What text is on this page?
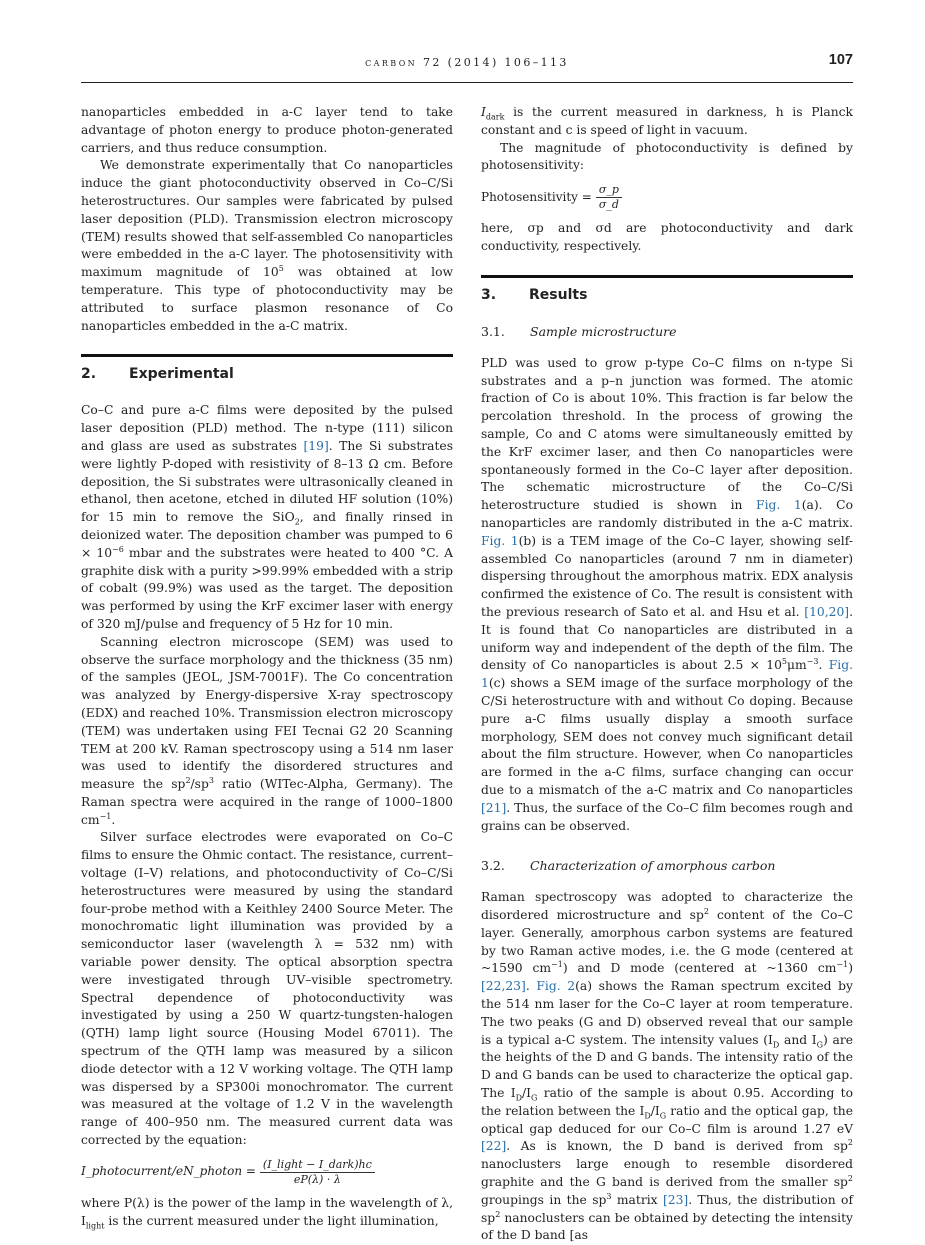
carbon 72 (2014) 106–113	107

nanoparticles embedded in a-C layer tend to take advantage of photon energy to produce photon-generated carriers, and thus reduce consumption.

We demonstrate experimentally that Co nanoparticles induce the giant photoconductivity observed in Co–C/Si heterostructures. Our samples were fabricated by pulsed laser deposition (PLD). Transmission electron microscopy (TEM) results showed that self-assembled Co nanoparticles were embedded in the a-C layer. The photosensitivity with maximum magnitude of $10^5$ was obtained at low temperature. This type of photoconductivity may be attributed to surface plasmon resonance of Co nanoparticles embedded in the a-C matrix.

2. Experimental

Co–C and pure a-C films were deposited by the pulsed laser deposition (PLD) method. The n-type (111) silicon and glass are used as substrates [19]. The Si substrates were lightly P-doped with resistivity of 8–13 Ω cm. Before deposition, the Si substrates were ultrasonically cleaned in ethanol, then acetone, etched in diluted HF solution (10%) for 15 min to remove the SiO$_2$, and finally rinsed in deionized water. The deposition chamber was pumped to $6 \times 10^{-6}$ mbar and the substrates were heated to 400 °C. A graphite disk with a purity >99.99% embedded with a strip of cobalt (99.9%) was used as the target. The deposition was performed by using the KrF excimer laser with energy of 320 mJ/pulse and frequency of 5 Hz for 10 min.

Scanning electron microscope (SEM) was used to observe the surface morphology and the thickness (35 nm) of the samples (JEOL, JSM-7001F). The Co concentration was analyzed by Energy-dispersive X-ray spectroscopy (EDX) and reached 10%. Transmission electron microscopy (TEM) was undertaken using FEI Tecnai G2 20 Scanning TEM at 200 kV. Raman spectroscopy using a 514 nm laser was used to identify the disordered structures and measure the $sp^2/sp^3$ ratio (WITec-Alpha, Germany). The Raman spectra were acquired in the range of 1000–1800 $cm^{-1}$.

Silver surface electrodes were evaporated on Co–C films to ensure the Ohmic contact. The resistance, current–voltage (I–V) relations, and photoconductivity of Co–C/Si heterostructures were measured by using the standard four-probe method with a Keithley 2400 Source Meter. The monochromatic light illumination was provided by a semiconductor laser (wavelength λ = 532 nm) with variable power density. The optical absorption spectra were investigated through UV–visible spectrometry. Spectral dependence of photoconductivity was investigated by using a 250 W quartz-tungsten-halogen (QTH) lamp light source (Housing Model 67011). The spectrum of the QTH lamp was measured by a silicon diode detector with a 12 V working voltage. The QTH lamp was dispersed by a SP300i monochromator. The current was measured at the voltage of 1.2 V in the wavelength range of 400–950 nm. The measured current data was corrected by the equation:

I_photocurrent/eN_photon = $\frac{\text{(I\_light − I\_dark)hc}}{eP(\lambda) \cdot \lambda}$

where P(λ) is the power of the lamp in the wavelength of λ, $I_{light}$ is the current measured under the light illumination,

$I_{dark}$ is the current measured in darkness, h is Planck constant and c is speed of light in vacuum.

The magnitude of photoconductivity is defined by photosensitivity:

Photosensitivity = $\frac{\sigma\_p}{\sigma\_d}$

here, σp and σd are photoconductivity and dark conductivity, respectively.

3. Results
3.1. Sample microstructure

PLD was used to grow p-type Co–C films on n-type Si substrates and a p–n junction was formed. The atomic fraction of Co is about 10%. This fraction is far below the percolation threshold. In the process of growing the sample, Co and C atoms were simultaneously emitted by the KrF excimer laser, and then Co nanoparticles were spontaneously formed in the Co–C layer after deposition. The schematic microstructure of the Co–C/Si heterostructure studied is shown in Fig. 1(a). Co nanoparticles are randomly distributed in the a-C matrix. Fig. 1(b) is a TEM image of the Co–C layer, showing self-assembled Co nanoparticles (around 7 nm in diameter) dispersing throughout the amorphous matrix. EDX analysis confirmed the existence of Co. The result is consistent with the previous research of Sato et al. and Hsu et al. [10,20]. It is found that Co nanoparticles are distributed in a uniform way and independent of the depth of the film. The density of Co nanoparticles is about $2.5 \times 10^5\mu m^{-3}$. Fig. 1(c) shows a SEM image of the surface morphology of the C/Si heterostructure with and without Co doping. Because pure a-C films usually display a smooth surface morphology, SEM does not convey much significant detail about the film structure. However, when Co nanoparticles are formed in the a-C films, surface changing can occur due to a mismatch of the a-C matrix and Co nanoparticles [21]. Thus, the surface of the Co–C film becomes rough and grains can be observed.

3.2. Characterization of amorphous carbon

Raman spectroscopy was adopted to characterize the disordered microstructure and $sp^2$ content of the Co–C layer. Generally, amorphous carbon systems are featured by two Raman active modes, i.e. the G mode (centered at ~1590 $cm^{-1}$) and D mode (centered at ~1360 $cm^{-1}$) [22,23]. Fig. 2(a) shows the Raman spectrum excited by the 514 nm laser for the Co–C layer at room temperature. The two peaks (G and D) observed reveal that our sample is a typical a-C system. The intensity values ($I_D$ and $I_G$) are the heights of the D and G bands. The intensity ratio of the D and G bands can be used to characterize the optical gap. The $I_D/I_G$ ratio of the sample is about 0.95. According to the relation between the $I_D/I_G$ ratio and the optical gap, the optical gap deduced for our Co–C film is around 1.27 eV [22]. As is known, the D band is derived from $sp^2$ nanoclusters large enough to resemble disordered graphite and the G band is derived from the smaller $sp^2$ groupings in the $sp^3$ matrix [23]. Thus, the distribution of $sp^2$ nanoclusters can be obtained by detecting the intensity of the D band [as
